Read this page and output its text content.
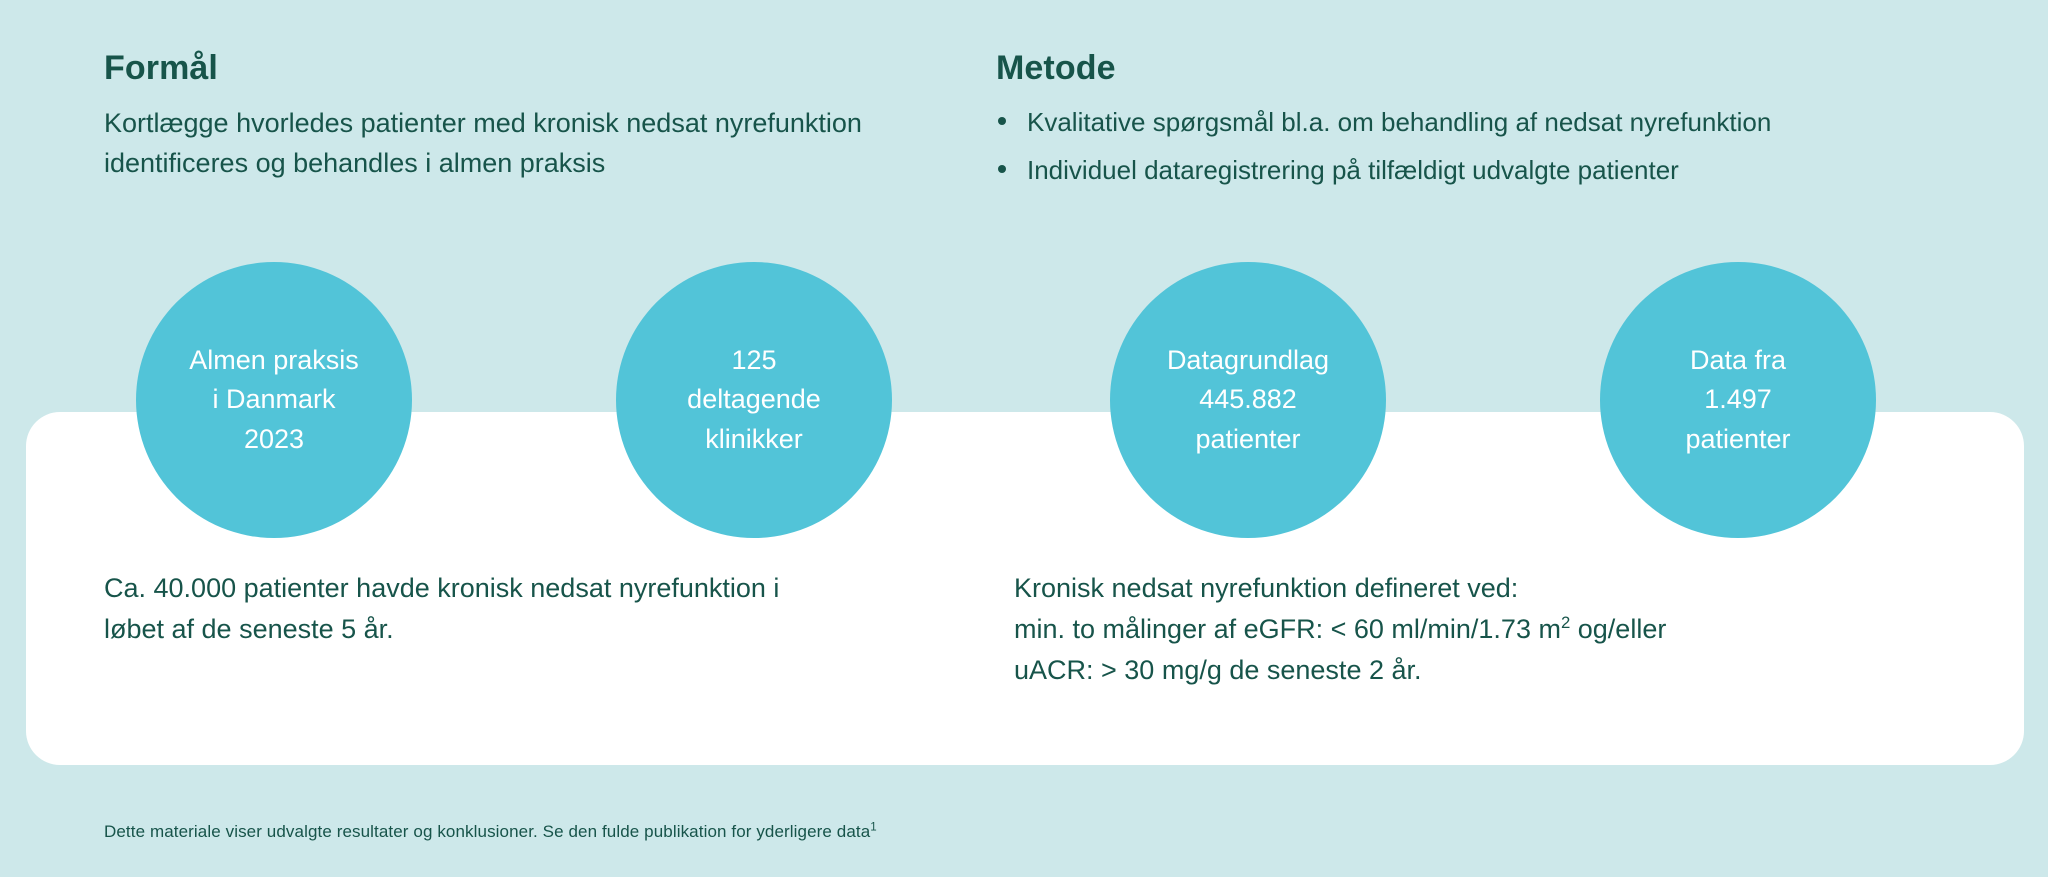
Formål

Kortlægge hvorledes patienter med kronisk nedsat nyrefunktion identificeres og behandles i almen praksis

Metode
Kvalitative spørgsmål bl.a. om behandling af nedsat nyrefunktion
Individuel dataregistrering på tilfældigt udvalgte patienter
Almen praksis
i Danmark
2023
125
deltagende
klinikker
Datagrundlag
445.882
patienter
Data fra
1.497
patienter

Ca. 40.000 patienter havde kronisk nedsat nyrefunktion i

løbet af de seneste 5 år.

Kronisk nedsat nyrefunktion defineret ved:

min. to målinger af eGFR: < 60 ml/min/1.73 $m^2$ og/eller

uACR: > 30 mg/g de seneste 2 år.

Dette materiale viser udvalgte resultater og konklusioner. Se den fulde publikation for yderligere data$^1$
